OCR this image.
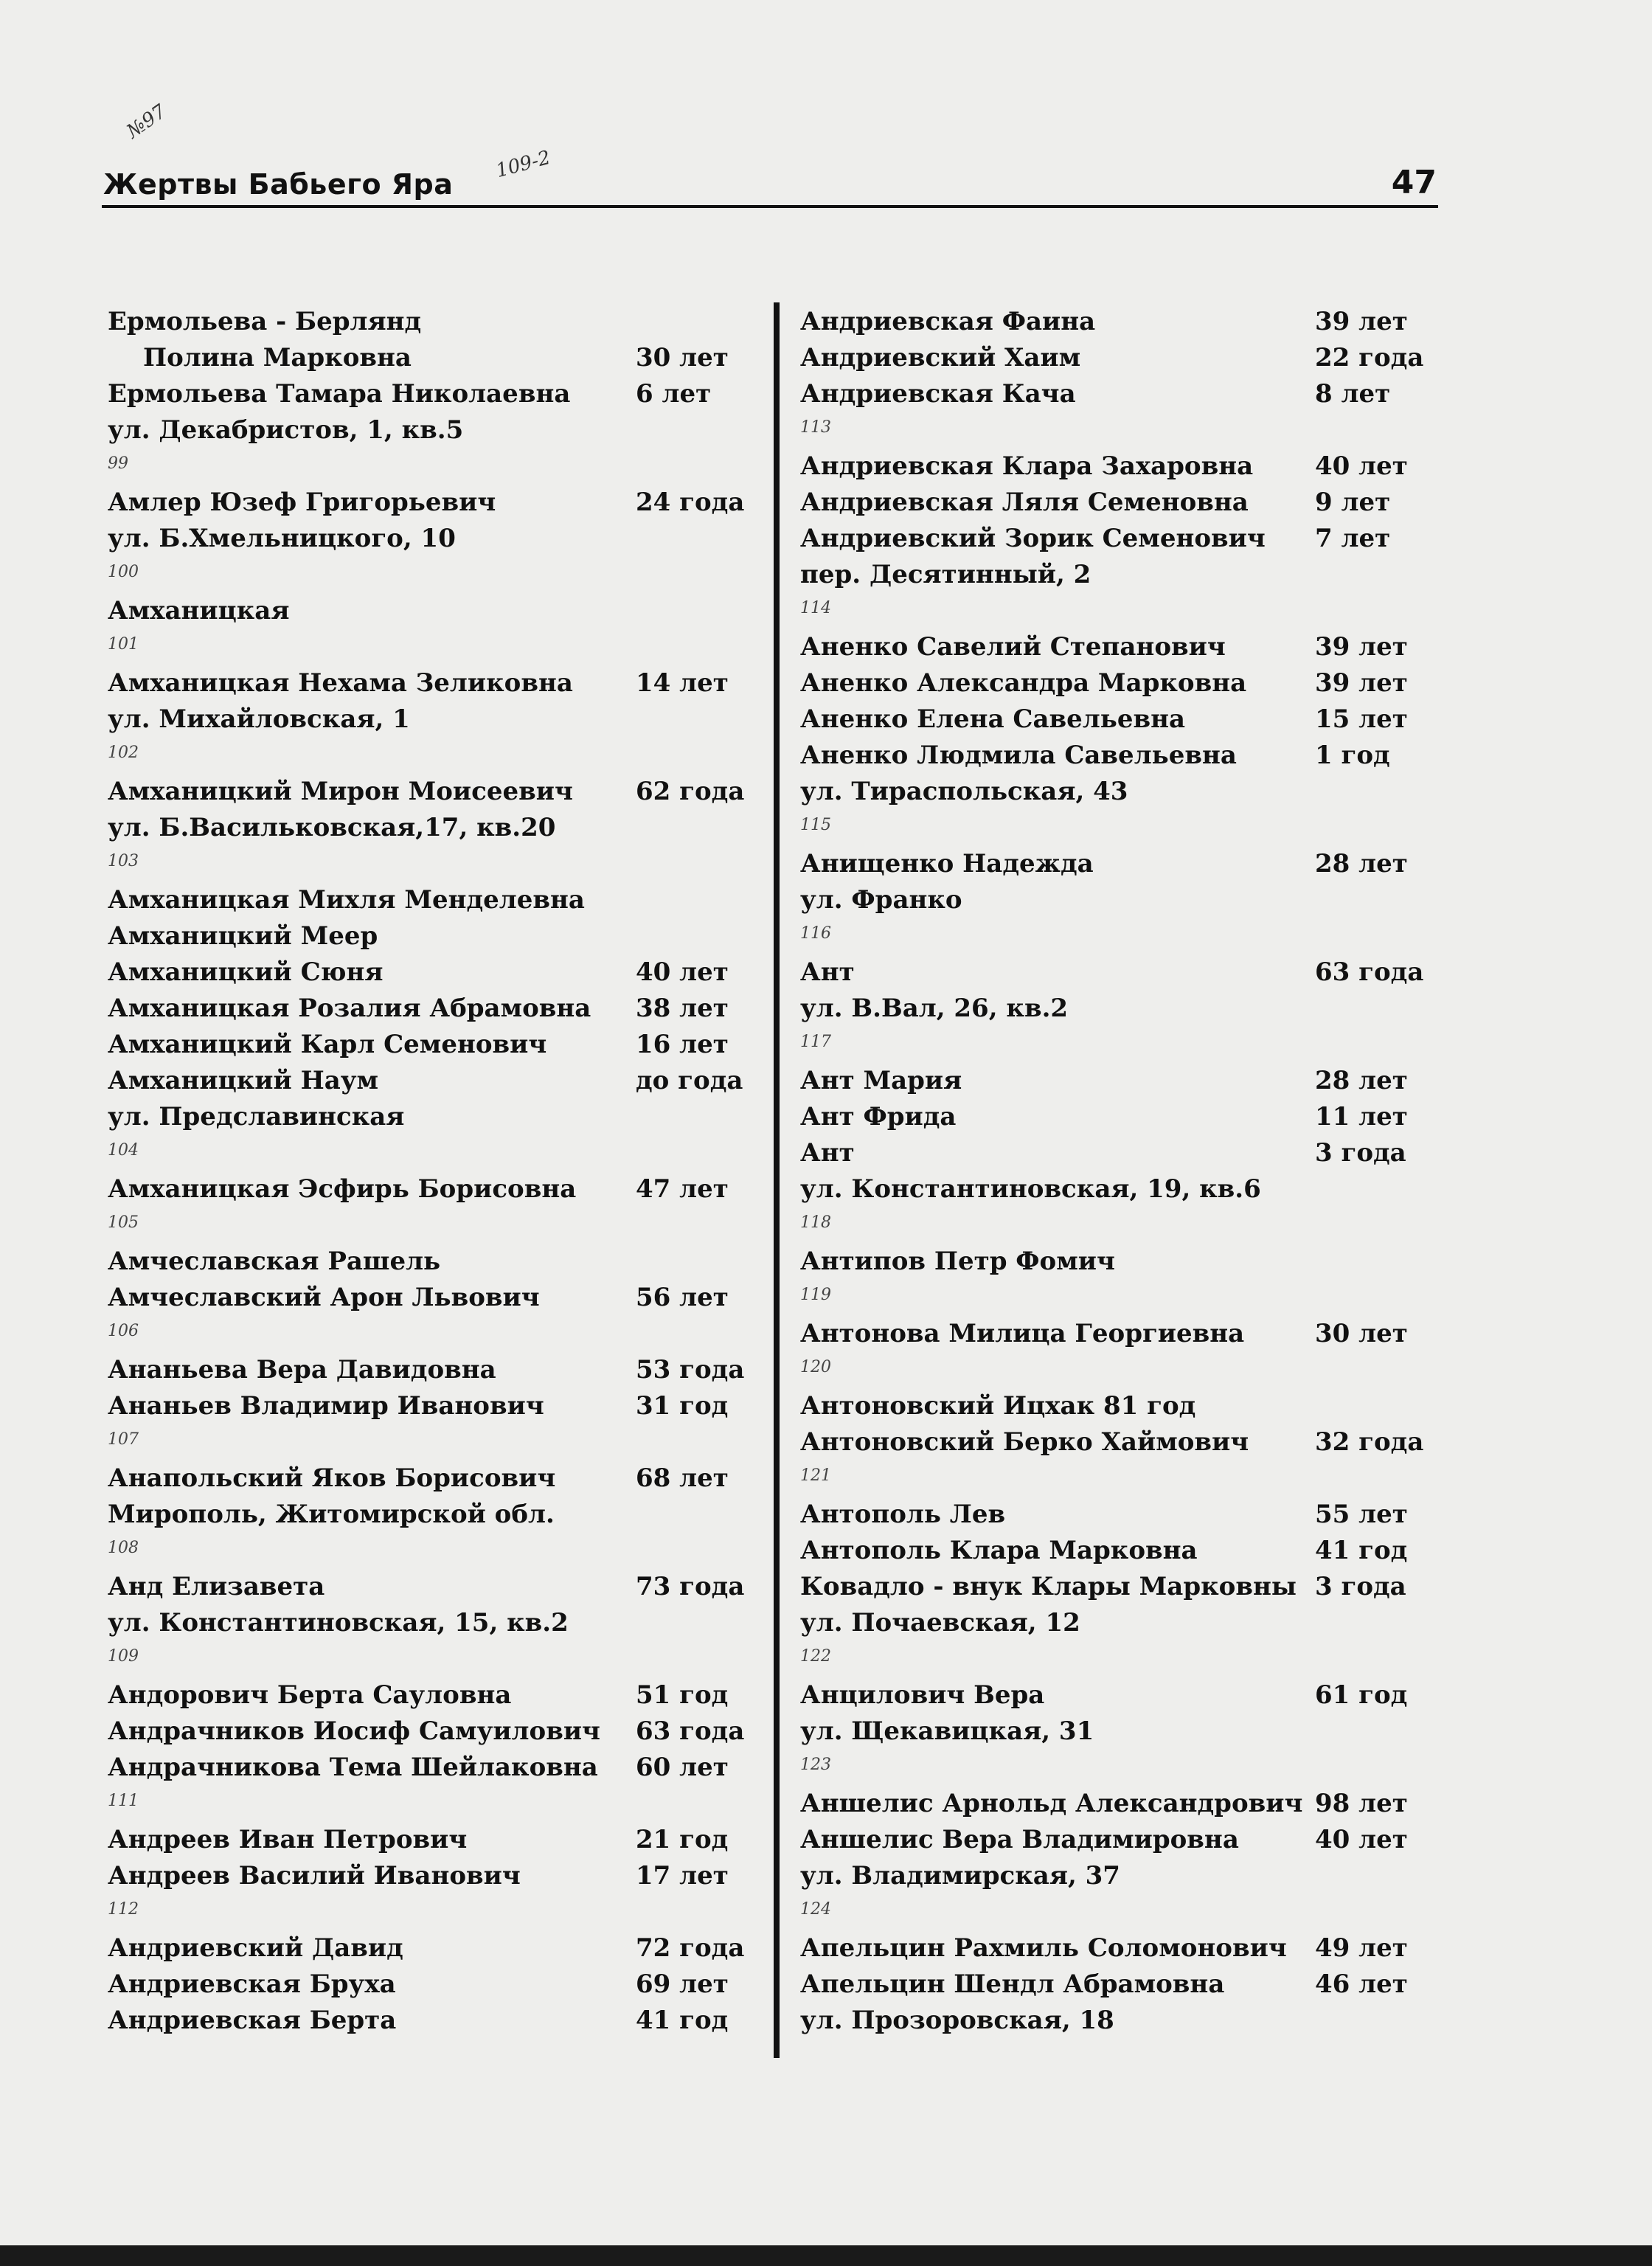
№97
109-2
Жертвы Бабьего Яра	47
Ермольева - Берлянд
Полина Марковна	30 лет
Ермольева Тамара Николаевна	6 лет
ул. Декабристов, 1, кв.5
99
Амлер Юзеф Григорьевич	24 года
ул. Б.Хмельницкого, 10
100
Амханицкая
101
Амханицкая Нехама Зеликовна	14 лет
ул. Михайловская, 1
102
Амханицкий Мирон Моисеевич	62 года
ул. Б.Васильковская,17, кв.20
103
Амханицкая Михля Менделевна
Амханицкий Меер
Амханицкий Сюня	40 лет
Амханицкая Розалия Абрамовна 38 лет
Амханицкий Карл Семенович	16 лет
Амханицкий Наум	до года
ул. Предславинская
104
Амханицкая Эсфирь Борисовна 47 лет
105
Амчеславская Рашель
Амчеславский Арон Львович	56 лет
106
Ананьева Вера Давидовна	53 года
Ананьев Владимир Иванович	31 год
107
Анапольский Яков Борисович	68 лет
Мирополь, Житомирской обл.
108
Анд Елизавета	73 года
ул. Константиновская, 15, кв.2
109
Андорович Берта Сауловна	51 год
Андрачников Иосиф Самуилович 63 года
Андрачникова Тема Шейлаковна 60 лет
111
Андреев Иван Петрович	21 год
Андреев Василий Иванович	17 лет
112
Андриевский Давид	72 года
Андриевская Бруха	69 лет
Андриевская Берта	41 год
Андриевская Фаина	39 лет
Андриевский Хаим	22 года
Андриевская Кача	8 лет
113
Андриевская Клара Захаровна 40 лет
Андриевская Ляля Семеновна	9 лет
Андриевский Зорик Семенович 7 лет
пер. Десятинный, 2
114
Аненко Савелий Степанович	39 лет
Аненко Александра Марковна	39 лет
Аненко Елена Савельевна	15 лет
Аненко Людмила Савельевна	1 год
ул. Тираспольская, 43
115
Анищенко Надежда	28 лет
ул. Франко
116
Ант	63 года
ул. В.Вал, 26, кв.2
117
Ант Мария	28 лет
Ант Фрида	11 лет
Ант	3 года
ул. Константиновская, 19, кв.6
118
Антипов Петр Фомич
119
Антонова Милица Георгиевна	30 лет
120
Антоновский Ицхак 81 год
Антоновский Берко Хаймович	32 года
121
Антополь Лев	55 лет
Антополь Клара Марковна	41 год
Ковадло - внук Клары Марковны 3 года
ул. Почаевская, 12
122
Анцилович Вера	61 год
ул. Щекавицкая, 31
123
Аншелис Арнольд Александрович 98 лет
Аншелис Вера Владимировна	40 лет
ул. Владимирская, 37
124
Апельцин Рахмиль Соломонович 49 лет
Апельцин Шендл Абрамовна	46 лет
ул. Прозоровская, 18
